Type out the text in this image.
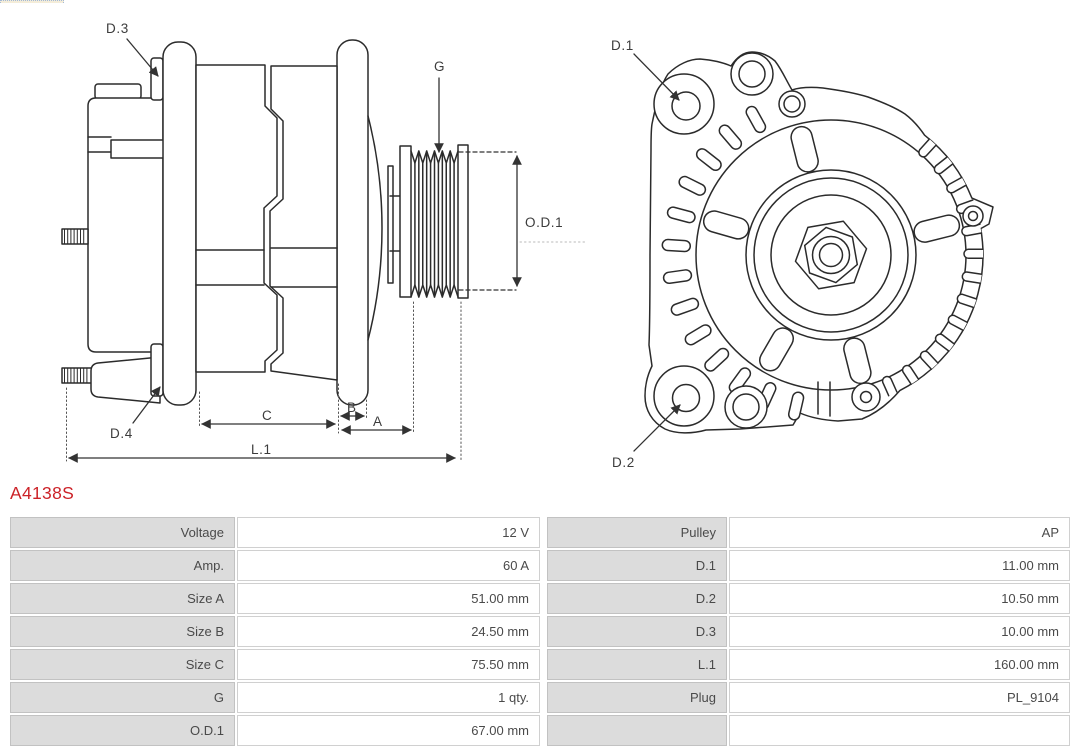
D.3
G
O.D.1
D.4
C
B
A
L.1
D.1
D.2
A4138S
Voltage	12 V	Pulley	AP
Amp.	60 A	D.1	11.00 mm
Size A	51.00 mm	D.2	10.50 mm
Size B	24.50 mm	D.3	10.00 mm
Size C	75.50 mm	L.1	160.00 mm
G	1 qty.	Plug	PL_9104
O.D.1	67.00 mm
